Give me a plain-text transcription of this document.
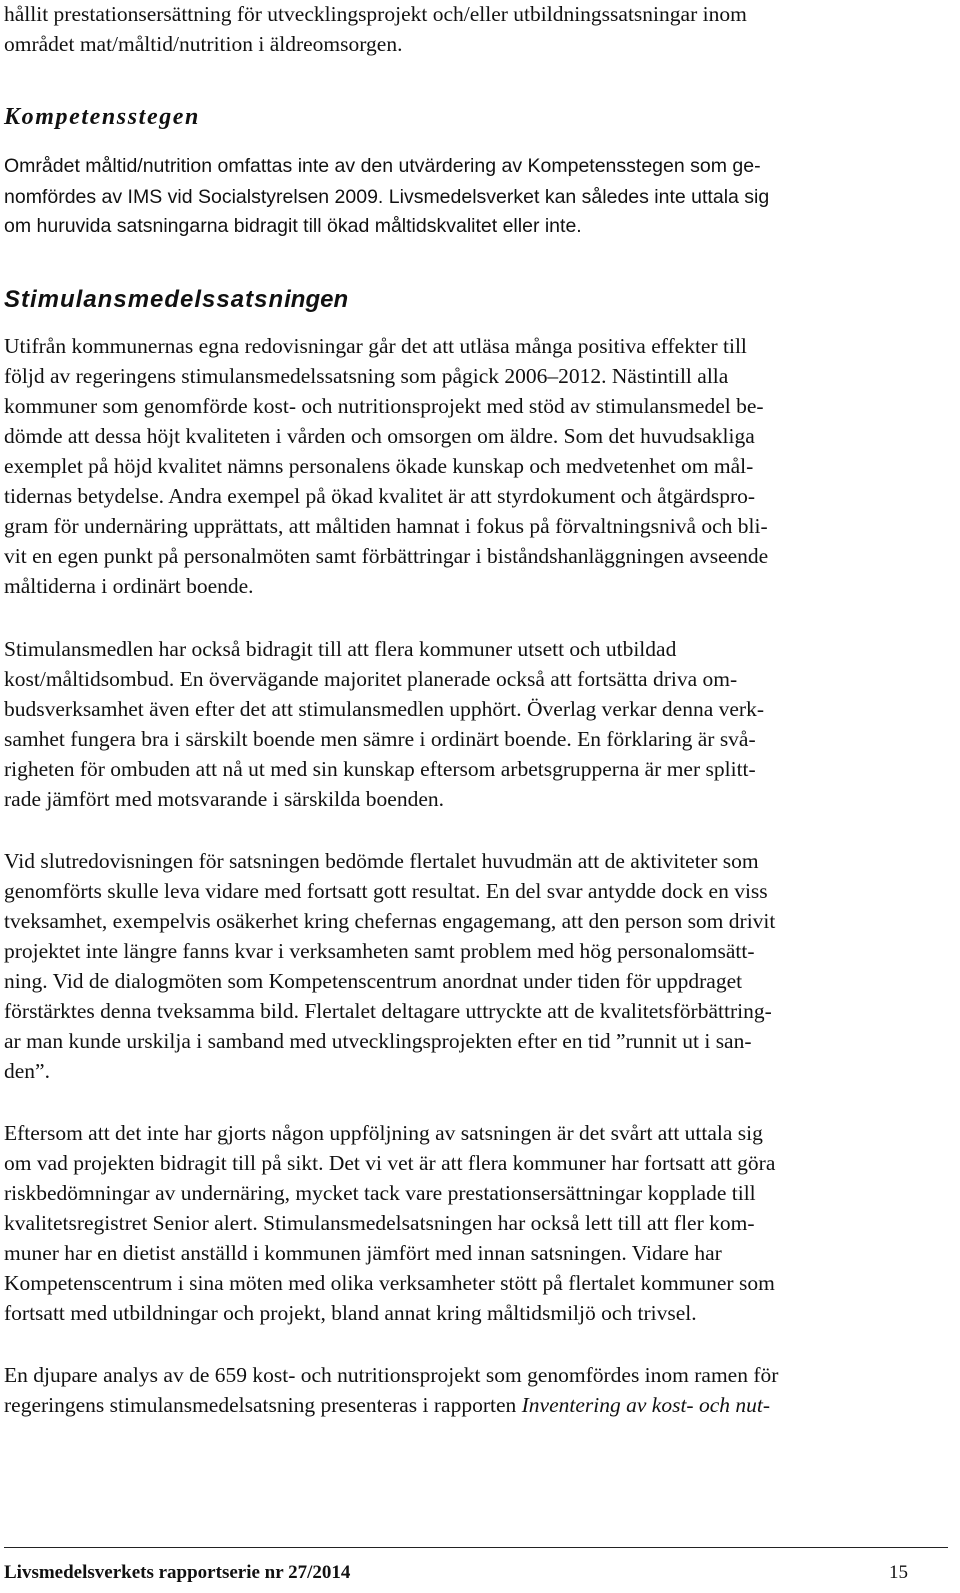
hållit prestationsersättning för utvecklingsprojekt och/eller utbildningssatsningar inom
området mat/måltid/nutrition i äldreomsorgen.
Kompetensstegen
Området måltid/nutrition omfattas inte av den utvärdering av Kompetensstegen som ge-
nomfördes av IMS vid Socialstyrelsen 2009. Livsmedelsverket kan således inte uttala sig
om huruvida satsningarna bidragit till ökad måltidskvalitet eller inte.
Stimulansmedelssatsningen
Utifrån kommunernas egna redovisningar går det att utläsa många positiva effekter till
följd av regeringens stimulansmedelssatsning som pågick 2006–2012. Nästintill alla
kommuner som genomförde kost- och nutritionsprojekt med stöd av stimulansmedel be-
dömde att dessa höjt kvaliteten i vården och omsorgen om äldre. Som det huvudsakliga
exemplet på höjd kvalitet nämns personalens ökade kunskap och medvetenhet om mål-
tidernas betydelse. Andra exempel på ökad kvalitet är att styrdokument och åtgärdspro-
gram för undernäring upprättats, att måltiden hamnat i fokus på förvaltningsnivå och bli-
vit en egen punkt på personalmöten samt förbättringar i biståndshanläggningen avseende
måltiderna i ordinärt boende.
Stimulansmedlen har också bidragit till att flera kommuner utsett och utbildad
kost/måltidsombud. En övervägande majoritet planerade också att fortsätta driva om-
budsverksamhet även efter det att stimulansmedlen upphört. Överlag verkar denna verk-
samhet fungera bra i särskilt boende men sämre i ordinärt boende. En förklaring är svå-
righeten för ombuden att nå ut med sin kunskap eftersom arbetsgrupperna är mer splitt-
rade jämfört med motsvarande i särskilda boenden.
Vid slutredovisningen för satsningen bedömde flertalet huvudmän att de aktiviteter som
genomförts skulle leva vidare med fortsatt gott resultat. En del svar antydde dock en viss
tveksamhet, exempelvis osäkerhet kring chefernas engagemang, att den person som drivit
projektet inte längre fanns kvar i verksamheten samt problem med hög personalomsätt-
ning. Vid de dialogmöten som Kompetenscentrum anordnat under tiden för uppdraget
förstärktes denna tveksamma bild. Flertalet deltagare uttryckte att de kvalitetsförbättring-
ar man kunde urskilja i samband med utvecklingsprojekten efter en tid ”runnit ut i san-
den”.
Eftersom att det inte har gjorts någon uppföljning av satsningen är det svårt att uttala sig
om vad projekten bidragit till på sikt. Det vi vet är att flera kommuner har fortsatt att göra
riskbedömningar av undernäring, mycket tack vare prestationsersättningar kopplade till
kvalitetsregistret Senior alert. Stimulansmedelsatsningen har också lett till att fler kom-
muner har en dietist anställd i kommunen jämfört med innan satsningen. Vidare har
Kompetenscentrum i sina möten med olika verksamheter stött på flertalet kommuner som
fortsatt med utbildningar och projekt, bland annat kring måltidsmiljö och trivsel.
En djupare analys av de 659 kost- och nutritionsprojekt som genomfördes inom ramen för
regeringens stimulansmedelsatsning presenteras i rapporten Inventering av kost- och nut-
Livsmedelsverkets rapportserie nr 27/2014	15
